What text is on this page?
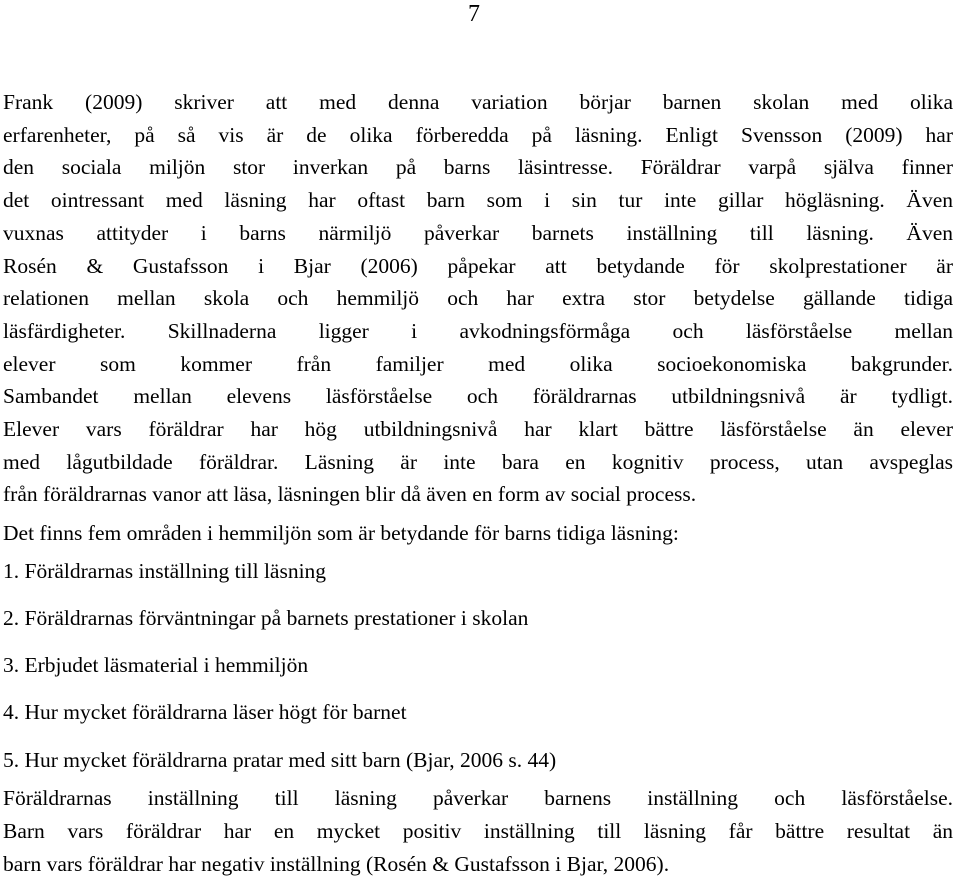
7
Frank (2009) skriver att med denna variation börjar barnen skolan med olika
erfarenheter, på så vis är de olika förberedda på läsning. Enligt Svensson (2009) har
den sociala miljön stor inverkan på barns läsintresse. Föräldrar varpå själva finner
det ointressant med läsning har oftast barn som i sin tur inte gillar högläsning. Även
vuxnas attityder i barns närmiljö påverkar barnets inställning till läsning. Även
Rosén & Gustafsson i Bjar (2006) påpekar att betydande för skolprestationer är
relationen mellan skola och hemmiljö och har extra stor betydelse gällande tidiga
läsfärdigheter. Skillnaderna ligger i avkodningsförmåga och läsförståelse mellan
elever som kommer från familjer med olika socioekonomiska bakgrunder.
Sambandet mellan elevens läsförståelse och föräldrarnas utbildningsnivå är tydligt.
Elever vars föräldrar har hög utbildningsnivå har klart bättre läsförståelse än elever
med lågutbildade föräldrar. Läsning är inte bara en kognitiv process, utan avspeglas
från föräldrarnas vanor att läsa, läsningen blir då även en form av social process.

Det finns fem områden i hemmiljön som är betydande för barns tidiga läsning:

1. Föräldrarnas inställning till läsning
2. Föräldrarnas förväntningar på barnets prestationer i skolan
3. Erbjudet läsmaterial i hemmiljön
4. Hur mycket föräldrarna läser högt för barnet
5. Hur mycket föräldrarna pratar med sitt barn (Bjar, 2006 s. 44)
Föräldrarnas inställning till läsning påverkar barnens inställning och läsförståelse.
Barn vars föräldrar har en mycket positiv inställning till läsning får bättre resultat än
barn vars föräldrar har negativ inställning (Rosén & Gustafsson i Bjar, 2006).
